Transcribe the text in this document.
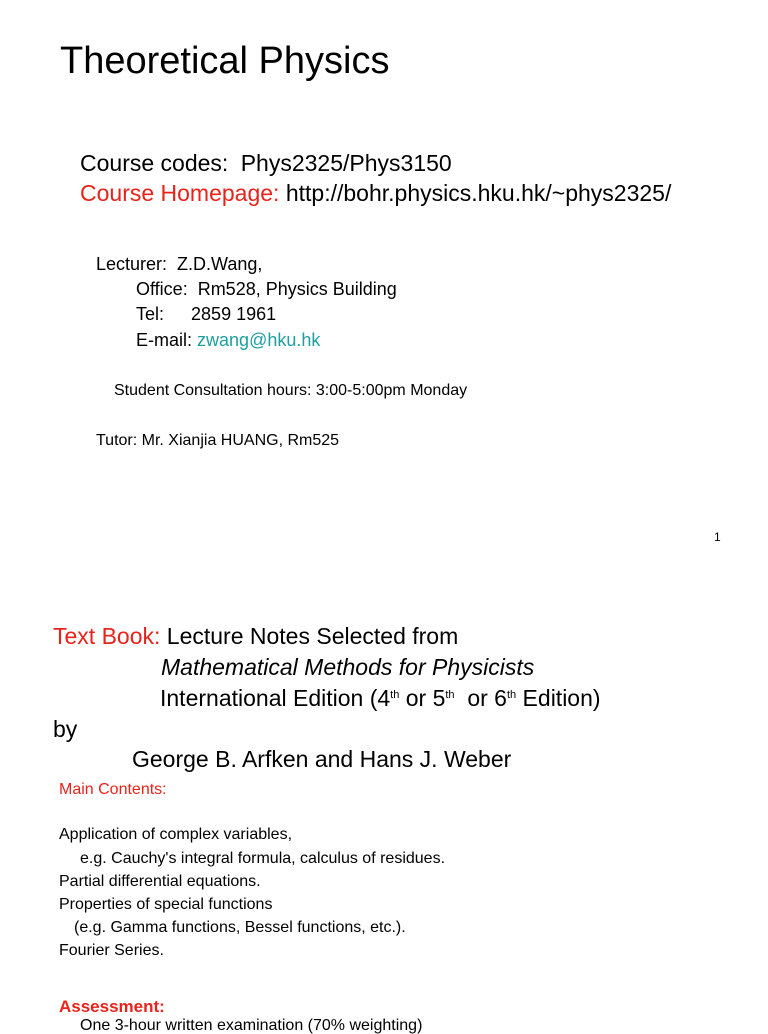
Theoretical Physics
Course codes: Phys2325/Phys3150
Course Homepage: http://bohr.physics.hku.hk/~phys2325/
Lecturer:  Z.D.Wang,
Office:  Rm528, Physics Building
Tel: 2859 1961
E-mail: zwang@hku.hk
Student Consultation hours: 3:00-5:00pm Monday
Tutor: Mr. Xianjia HUANG, Rm525
1
Text Book: Lecture Notes Selected from
Mathematical Methods for Physicists
International Edition (4th or 5th  or 6th Edition)
by
George B. Arfken and Hans J. Weber
Main Contents:
Application of complex variables,
e.g. Cauchy's integral formula, calculus of residues.
Partial differential equations.
Properties of special functions
(e.g. Gamma functions, Bessel functions, etc.).
Fourier Series.
Assessment:
One 3-hour written examination (70% weighting)
